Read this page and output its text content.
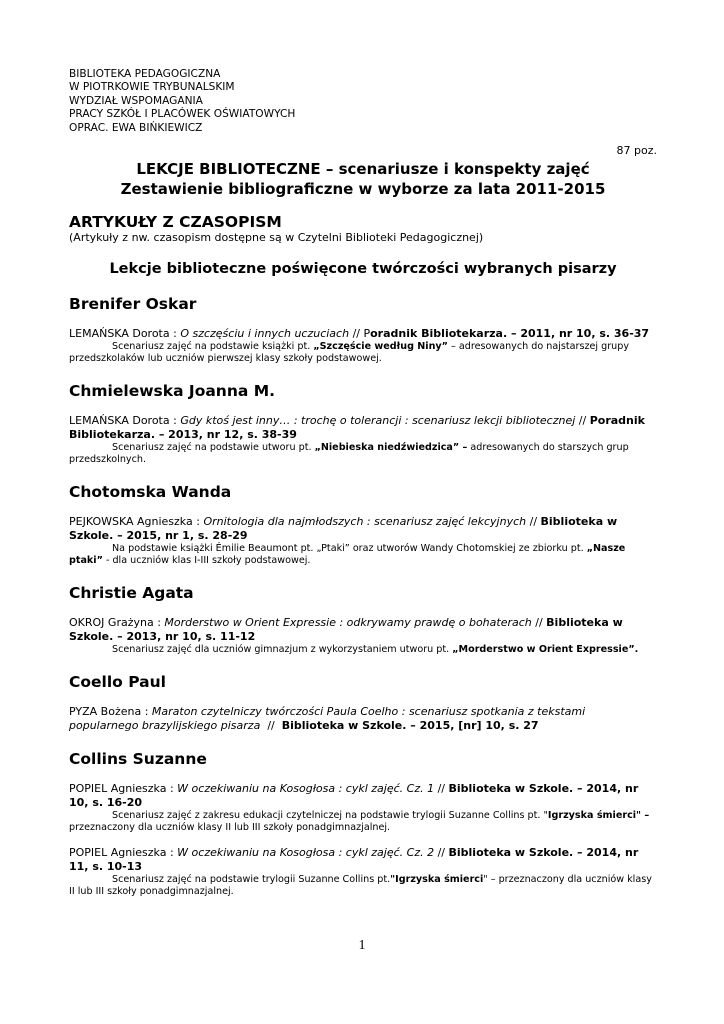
BIBLIOTEKA PEDAGOGICZNA
W PIOTRKOWIE TRYBUNALSKIM
WYDZIAŁ WSPOMAGANIA
PRACY SZKÓŁ I PLACÓWEK OŚWIATOWYCH
OPRAC. EWA BIŃKIEWICZ
87 poz.
LEKCJE BIBLIOTECZNE – scenariusze i konspekty zajęć
Zestawienie bibliograficzne w wyborze za lata 2011-2015
ARTYKUŁY Z CZASOPISM
(Artykuły z nw. czasopism dostępne są w Czytelni Biblioteki Pedagogicznej)
Lekcje biblioteczne poświęcone twórczości wybranych pisarzy
Brenifer Oskar
LEMAŃSKA Dorota : O szczęściu i innych uczuciach // Poradnik Bibliotekarza. – 2011, nr 10, s. 36-37
Scenariusz zajęć na podstawie książki pt. „Szczęście według Niny” – adresowanych do najstarszej grupy przedszkolaków lub uczniów pierwszej klasy szkoły podstawowej.
Chmielewska Joanna M.
LEMAŃSKA Dorota : Gdy ktoś jest inny… : trochę o tolerancji : scenariusz lekcji bibliotecznej // Poradnik Bibliotekarza. – 2013, nr 12, s. 38-39
Scenariusz zajęć na podstawie utworu pt. „Niebieska niedźwiedzica” – adresowanych do starszych grup przedszkolnych.
Chotomska Wanda
PEJKOWSKA Agnieszka : Ornitologia dla najmłodszych : scenariusz zajęć lekcyjnych // Biblioteka w Szkole. – 2015, nr 1, s. 28-29
Na podstawie książki Émilie Beaumont pt. „Ptaki” oraz utworów Wandy Chotomskiej ze zbiorku pt. „Nasze ptaki” - dla uczniów klas I-III szkoły podstawowej.
Christie Agata
OKROJ Grażyna : Morderstwo w Orient Expressie : odkrywamy prawdę o bohaterach // Biblioteka w Szkole. – 2013, nr 10, s. 11-12
Scenariusz zajęć dla uczniów gimnazjum z wykorzystaniem utworu pt. „Morderstwo w Orient Expressie”.
Coello Paul
PYZA Bożena : Maraton czytelniczy twórczości Paula Coelho : scenariusz spotkania z tekstami popularnego brazylijskiego pisarza  //  Biblioteka w Szkole. – 2015, [nr] 10, s. 27
Collins Suzanne
POPIEL Agnieszka : W oczekiwaniu na Kosogłosa : cykl zajęć. Cz. 1 // Biblioteka w Szkole. – 2014, nr 10, s. 16-20
Scenariusz zajęć z zakresu edukacji czytelniczej na podstawie trylogii Suzanne Collins pt. "Igrzyska śmierci" – przeznaczony dla uczniów klasy II lub III szkoły ponadgimnazjalnej.
POPIEL Agnieszka : W oczekiwaniu na Kosogłosa : cykl zajęć. Cz. 2 // Biblioteka w Szkole. – 2014, nr 11, s. 10-13
Scenariusz zajęć na podstawie trylogii Suzanne Collins pt."Igrzyska śmierci" – przeznaczony dla uczniów klasy II lub III szkoły ponadgimnazjalnej.
1
